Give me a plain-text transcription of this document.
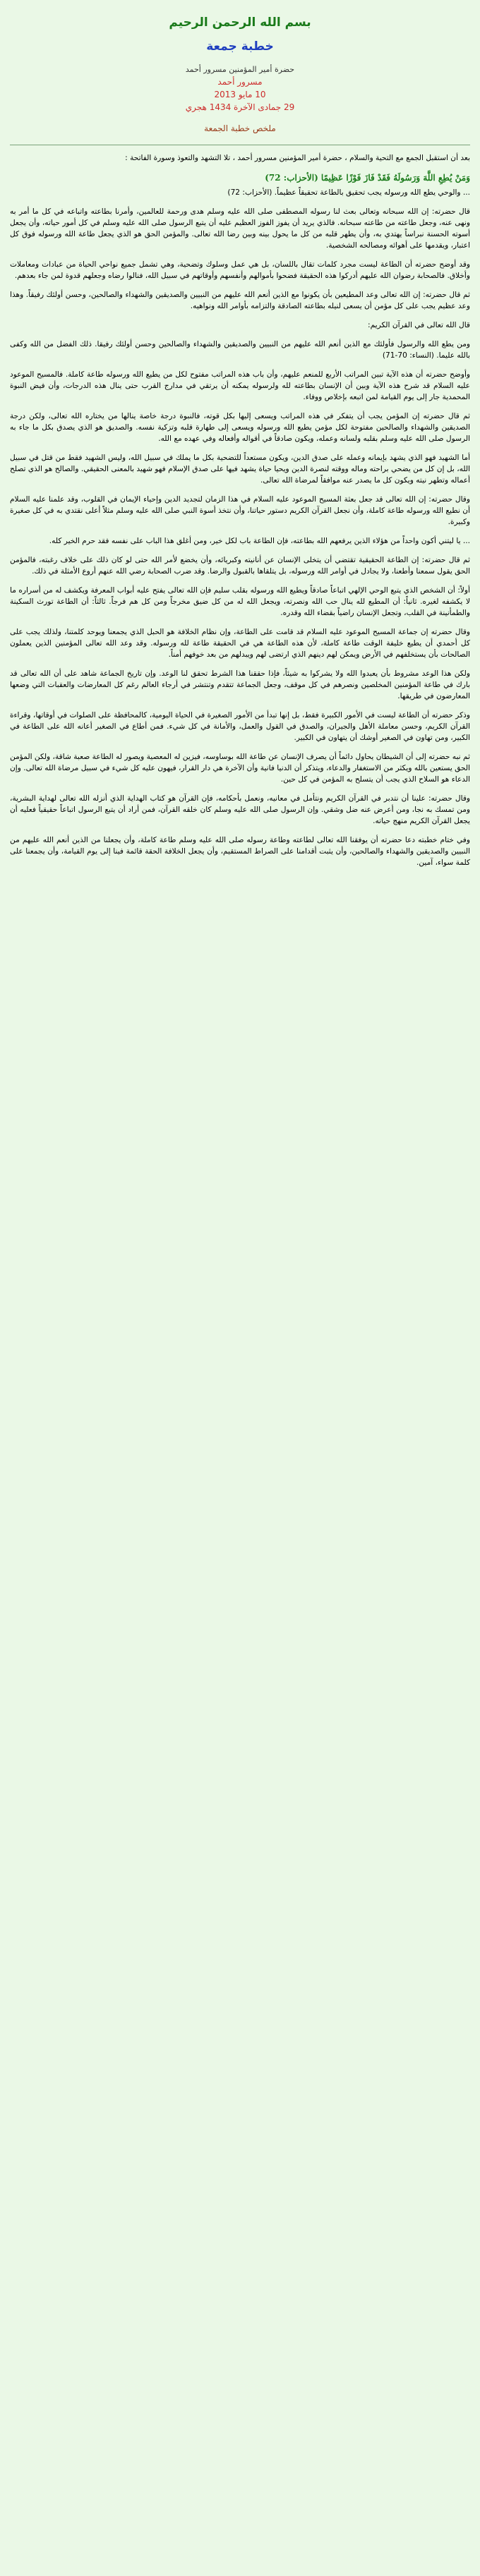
بسم الله الرحمن الرحيم
خطبة جمعة
حضرة أمير المؤمنين مسرور أحمد
مسرور أحمد
10 مايو 2013
29 جمادى الآخرة 1434 هجري
ملخص خطبة الجمعة

بعد أن استقبل الجمع مع التحية والسلام ، حضرة أمير المؤمنين مسرور أحمد ، تلا التشهد والتعوذ وسورة الفاتحة :

وَمَنْ يُطِعِ اللَّهَ وَرَسُولَهُ فَقَدْ فَازَ فَوْزًا عَظِيمًا (الأحزاب: 72)

... والوحي يطع الله ورسوله يجب تحقيق بالطاعة تحقيقاً عظيماً. (الأحزاب: 72)

قال حضرته: إن الله سبحانه وتعالى بعث لنا رسوله المصطفى صلى الله عليه وسلم هدى ورحمة للعالمين، وأمرنا بطاعته واتباعه في كل ما أمر به ونهى عنه، وجعل طاعته من طاعته سبحانه. فالذي يريد أن يفوز الفوز العظيم عليه أن يتبع الرسول صلى الله عليه وسلم في كل أمور حياته، وأن يجعل أسوته الحسنة نبراساً يهتدي به، وأن يطهر قلبه من كل ما يحول بينه وبين رضا الله تعالى. والمؤمن الحق هو الذي يجعل طاعة الله ورسوله فوق كل اعتبار، ويقدمها على أهوائه ومصالحه الشخصية.

وقد أوضح حضرته أن الطاعة ليست مجرد كلمات تقال باللسان، بل هي عمل وسلوك وتضحية، وهي تشمل جميع نواحي الحياة من عبادات ومعاملات وأخلاق. فالصحابة رضوان الله عليهم أدركوا هذه الحقيقة فضحوا بأموالهم وأنفسهم وأوقاتهم في سبيل الله، فنالوا رضاه وجعلهم قدوة لمن جاء بعدهم.

ثم قال حضرته: إن الله تعالى وعد المطيعين بأن يكونوا مع الذين أنعم الله عليهم من النبيين والصديقين والشهداء والصالحين، وحسن أولئك رفيقاً. وهذا وعد عظيم يجب على كل مؤمن أن يسعى لنيله بطاعته الصادقة والتزامه بأوامر الله ونواهيه.

قال الله تعالى في القرآن الكريم:

ومن يطع الله والرسول فأولئك مع الذين أنعم الله عليهم من النبيين والصديقين والشهداء والصالحين وحسن أولئك رفيقا. ذلك الفضل من الله وكفى بالله عليما. (النساء: 70-71)

وأوضح حضرته أن هذه الآية تبين المراتب الأربع للمنعم عليهم، وأن باب هذه المراتب مفتوح لكل من يطيع الله ورسوله طاعة كاملة. فالمسيح الموعود عليه السلام قد شرح هذه الآية وبين أن الإنسان بطاعته لله ولرسوله يمكنه أن يرتقي في مدارج القرب حتى ينال هذه الدرجات، وأن فيض النبوة المحمدية جار إلى يوم القيامة لمن اتبعه بإخلاص ووفاء.

ثم قال حضرته إن المؤمن يجب أن يتفكر في هذه المراتب ويسعى إليها بكل قوته، فالنبوة درجة خاصة ينالها من يختاره الله تعالى، ولكن درجة الصديقين والشهداء والصالحين مفتوحة لكل مؤمن يطيع الله ورسوله ويسعى إلى طهارة قلبه وتزكية نفسه. والصديق هو الذي يصدق بكل ما جاء به الرسول صلى الله عليه وسلم بقلبه ولسانه وعمله، ويكون صادقاً في أقواله وأفعاله وفي عهده مع الله.

أما الشهيد فهو الذي يشهد بإيمانه وعمله على صدق الدين، ويكون مستعداً للتضحية بكل ما يملك في سبيل الله، وليس الشهيد فقط من قتل في سبيل الله، بل إن كل من يضحي براحته وماله ووقته لنصرة الدين ويحيا حياة يشهد فيها على صدق الإسلام فهو شهيد بالمعنى الحقيقي. والصالح هو الذي تصلح أعماله وتطهر نيته ويكون كل ما يصدر عنه موافقاً لمرضاة الله تعالى.

وقال حضرته: إن الله تعالى قد جعل بعثة المسيح الموعود عليه السلام في هذا الزمان لتجديد الدين وإحياء الإيمان في القلوب، وقد علمنا عليه السلام أن نطيع الله ورسوله طاعة كاملة، وأن نجعل القرآن الكريم دستور حياتنا، وأن نتخذ أسوة النبي صلى الله عليه وسلم مثلاً أعلى نقتدي به في كل صغيرة وكبيرة.

... يا ليتني أكون واحداً من هؤلاء الذين يرفعهم الله بطاعته، فإن الطاعة باب لكل خير، ومن أغلق هذا الباب على نفسه فقد حرم الخير كله.

ثم قال حضرته: إن الطاعة الحقيقية تقتضي أن يتخلى الإنسان عن أنانيته وكبريائه، وأن يخضع لأمر الله حتى لو كان ذلك على خلاف رغبته، فالمؤمن الحق يقول سمعنا وأطعنا، ولا يجادل في أوامر الله ورسوله، بل يتلقاها بالقبول والرضا. وقد ضرب الصحابة رضي الله عنهم أروع الأمثلة في ذلك.

أولاً: أن الشخص الذي يتبع الوحي الإلهي اتباعاً صادقاً ويطيع الله ورسوله بقلب سليم فإن الله تعالى يفتح عليه أبواب المعرفة ويكشف له من أسراره ما لا يكشفه لغيره. ثانياً: أن المطيع لله ينال حب الله ونصرته، ويجعل الله له من كل ضيق مخرجاً ومن كل هم فرجاً. ثالثاً: أن الطاعة تورث السكينة والطمأنينة في القلب، وتجعل الإنسان راضياً بقضاء الله وقدره.

وقال حضرته إن جماعة المسيح الموعود عليه السلام قد قامت على الطاعة، وإن نظام الخلافة هو الحبل الذي يجمعنا ويوحد كلمتنا، ولذلك يجب على كل أحمدي أن يطيع خليفة الوقت طاعة كاملة، لأن هذه الطاعة هي في الحقيقة طاعة لله ورسوله. وقد وعد الله تعالى المؤمنين الذين يعملون الصالحات بأن يستخلفهم في الأرض ويمكن لهم دينهم الذي ارتضى لهم ويبدلهم من بعد خوفهم أمناً.

ولكن هذا الوعد مشروط بأن يعبدوا الله ولا يشركوا به شيئاً، فإذا حققنا هذا الشرط تحقق لنا الوعد. وإن تاريخ الجماعة شاهد على أن الله تعالى قد بارك في طاعة المؤمنين المخلصين ونصرهم في كل موقف، وجعل الجماعة تتقدم وتنتشر في أرجاء العالم رغم كل المعارضات والعقبات التي وضعها المعارضون في طريقها.

وذكر حضرته أن الطاعة ليست في الأمور الكبيرة فقط، بل إنها تبدأ من الأمور الصغيرة في الحياة اليومية، كالمحافظة على الصلوات في أوقاتها، وقراءة القرآن الكريم، وحسن معاملة الأهل والجيران، والصدق في القول والعمل، والأمانة في كل شيء. فمن أطاع في الصغير أعانه الله على الطاعة في الكبير، ومن تهاون في الصغير أوشك أن يتهاون في الكبير.

ثم نبه حضرته إلى أن الشيطان يحاول دائماً أن يصرف الإنسان عن طاعة الله بوساوسه، فيزين له المعصية ويصور له الطاعة صعبة شاقة، ولكن المؤمن الحق يستعين بالله ويكثر من الاستغفار والدعاء، ويتذكر أن الدنيا فانية وأن الآخرة هي دار القرار، فيهون عليه كل شيء في سبيل مرضاة الله تعالى. وإن الدعاء هو السلاح الذي يجب أن يتسلح به المؤمن في كل حين.

وقال حضرته: علينا أن نتدبر في القرآن الكريم ونتأمل في معانيه، ونعمل بأحكامه، فإن القرآن هو كتاب الهداية الذي أنزله الله تعالى لهداية البشرية، ومن تمسك به نجا، ومن أعرض عنه ضل وشقي. وإن الرسول صلى الله عليه وسلم كان خلقه القرآن، فمن أراد أن يتبع الرسول اتباعاً حقيقياً فعليه أن يجعل القرآن الكريم منهج حياته.

وفي ختام خطبته دعا حضرته أن يوفقنا الله تعالى لطاعته وطاعة رسوله صلى الله عليه وسلم طاعة كاملة، وأن يجعلنا من الذين أنعم الله عليهم من النبيين والصديقين والشهداء والصالحين، وأن يثبت أقدامنا على الصراط المستقيم، وأن يجعل الخلافة الحقة قائمة فينا إلى يوم القيامة، وأن يجمعنا على كلمة سواء، آمين.
